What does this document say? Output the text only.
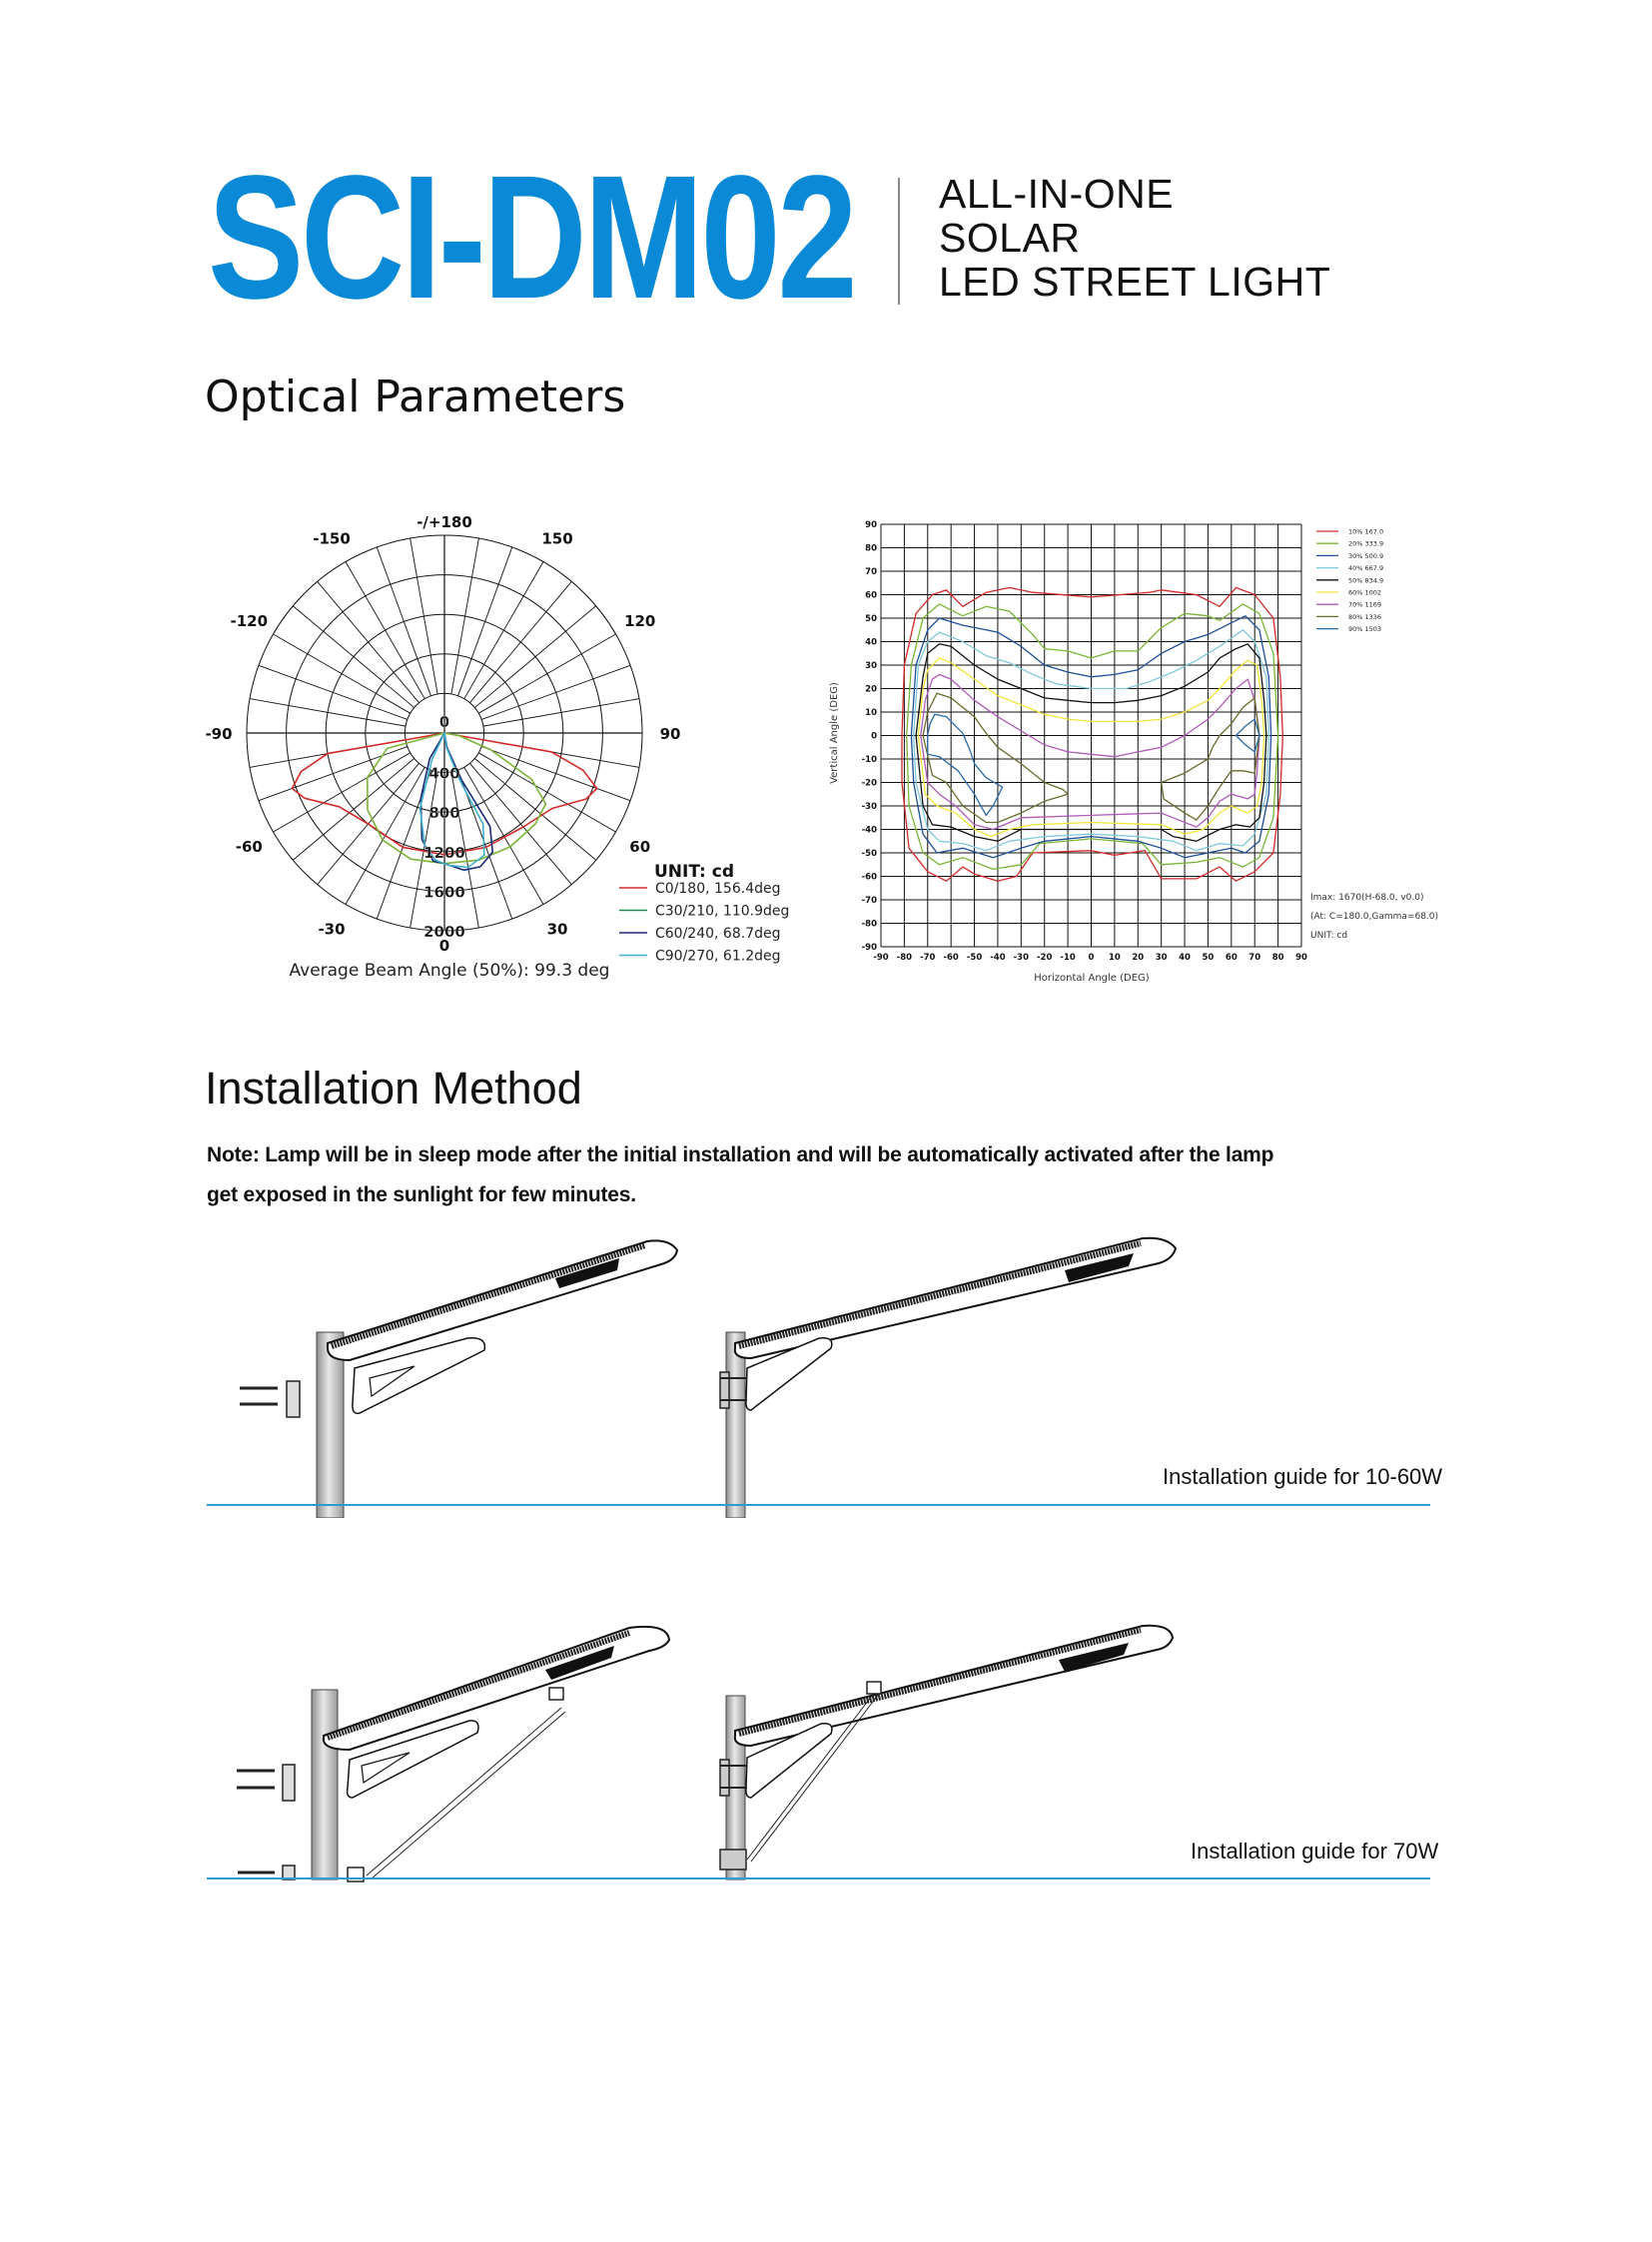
SCI-DM02 ALL-IN-ONE
SOLAR
LED STREET LIGHT
Optical Parameters
-/+180
-150	150
-120	120
-90	90
-60	60
-30	30
0
0
400
800
1200
1600
2000
UNIT: cd
C0/180, 156.4deg
C30/210, 110.9deg
C60/240, 68.7deg
C90/270, 61.2deg
Average Beam Angle (50%): 99.3 deg
-90 -80 -70 -60 -50 -40 -30 -20 -10 0 10 20 30 40 50 60 70 80 90
90
80
70
60
50
40
30
20
10
0
-10
-20
-30
-40
-50
-60
-70
-80
-90
10% 167.0
20% 333.9
30% 500.9
40% 667.9
50% 834.9
60% 1002
70% 1169
80% 1336
90% 1503
Imax: 1670(H-68.0, v0.0)
(At: C=180.0,Gamma=68.0)
UNIT: cd
Horizontal Angle (DEG)
Vertical Angle (DEG)
Installation Method
Note: Lamp will be in sleep mode after the initial installation and will be automatically activated after the lamp
get exposed in the sunlight for few minutes.
Installation guide for 10-60W
Installation guide for 70W
